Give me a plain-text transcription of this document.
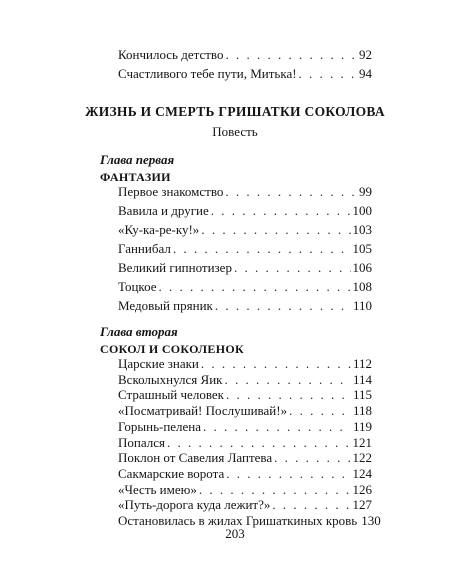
Кончилось детство . . .	92
Счастливого тебе пути, Митька! . . .	94
ЖИЗНЬ И СМЕРТЬ ГРИШАТКИ СОКОЛОВА
Повесть
Глава первая
ФАНТАЗИИ
Первое знакомство . . .	99
Вавила и другие . . .	100
«Ку-ка-ре-ку!» . . .	103
Ганнибал . . .	105
Великий гипнотизер . . .	106
Тоцкое . . .	108
Медовый пряник . . .	110
Глава вторая
СОКОЛ И СОКОЛЕНОК
Царские знаки . . .	112
Всколыхнулся Яик . . .	114
Страшный человек . . .	115
«Посматривай! Послушивай!» . . .	118
Горынь-пелена . . .	119
Попался . . .	121
Поклон от Савелия Лаптева . . .	122
Сакмарские ворота . . .	124
«Честь имею» . . .	126
203
«Путь-дорога куда лежит?» . . .	127
Остановилась в жилах Гришаткиных кровь 130
